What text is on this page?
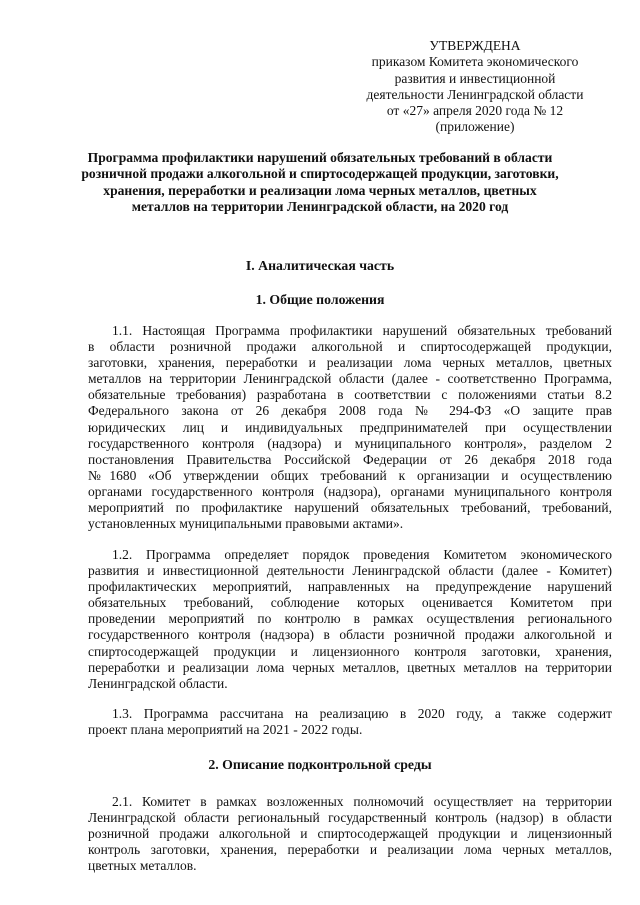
УТВЕРЖДЕНА
приказом Комитета экономического
развития и инвестиционной
деятельности Ленинградской области
от «27» апреля 2020 года № 12
(приложение)
Программа профилактики нарушений обязательных требований в области
розничной продажи алкогольной и спиртосодержащей продукции, заготовки,
хранения, переработки и реализации лома черных металлов, цветных
металлов на территории Ленинградской области, на 2020 год
I. Аналитическая часть
1. Общие положения
1.1. Настоящая Программа профилактики нарушений обязательных требований
в области розничной продажи алкогольной и спиртосодержащей продукции,
заготовки, хранения, переработки и реализации лома черных металлов, цветных
металлов на территории Ленинградской области (далее - соответственно Программа,
обязательные требования) разработана в соответствии с положениями статьи 8.2
Федерального закона от 26 декабря 2008 года № 294-ФЗ «О защите прав
юридических лиц и индивидуальных предпринимателей при осуществлении
государственного контроля (надзора) и муниципального контроля», разделом 2
постановления Правительства Российской Федерации от 26 декабря 2018 года
№1680 «Об утверждении общих требований к организации и осуществлению
органами государственного контроля (надзора), органами муниципального контроля
мероприятий по профилактике нарушений обязательных требований, требований,
установленных муниципальными правовыми актами».
1.2. Программа определяет порядок проведения Комитетом экономического
развития и инвестиционной деятельности Ленинградской области (далее - Комитет)
профилактических мероприятий, направленных на предупреждение нарушений
обязательных требований, соблюдение которых оценивается Комитетом при
проведении мероприятий по контролю в рамках осуществления регионального
государственного контроля (надзора) в области розничной продажи алкогольной и
спиртосодержащей продукции и лицензионного контроля заготовки, хранения,
переработки и реализации лома черных металлов, цветных металлов на территории
Ленинградской области.
1.3. Программа рассчитана на реализацию в 2020 году, а также содержит
проект плана мероприятий на 2021 - 2022 годы.
2. Описание подконтрольной среды
2.1. Комитет в рамках возложенных полномочий осуществляет на территории
Ленинградской области региональный государственный контроль (надзор) в области
розничной продажи алкогольной и спиртосодержащей продукции и лицензионный
контроль заготовки, хранения, переработки и реализации лома черных металлов,
цветных металлов.
